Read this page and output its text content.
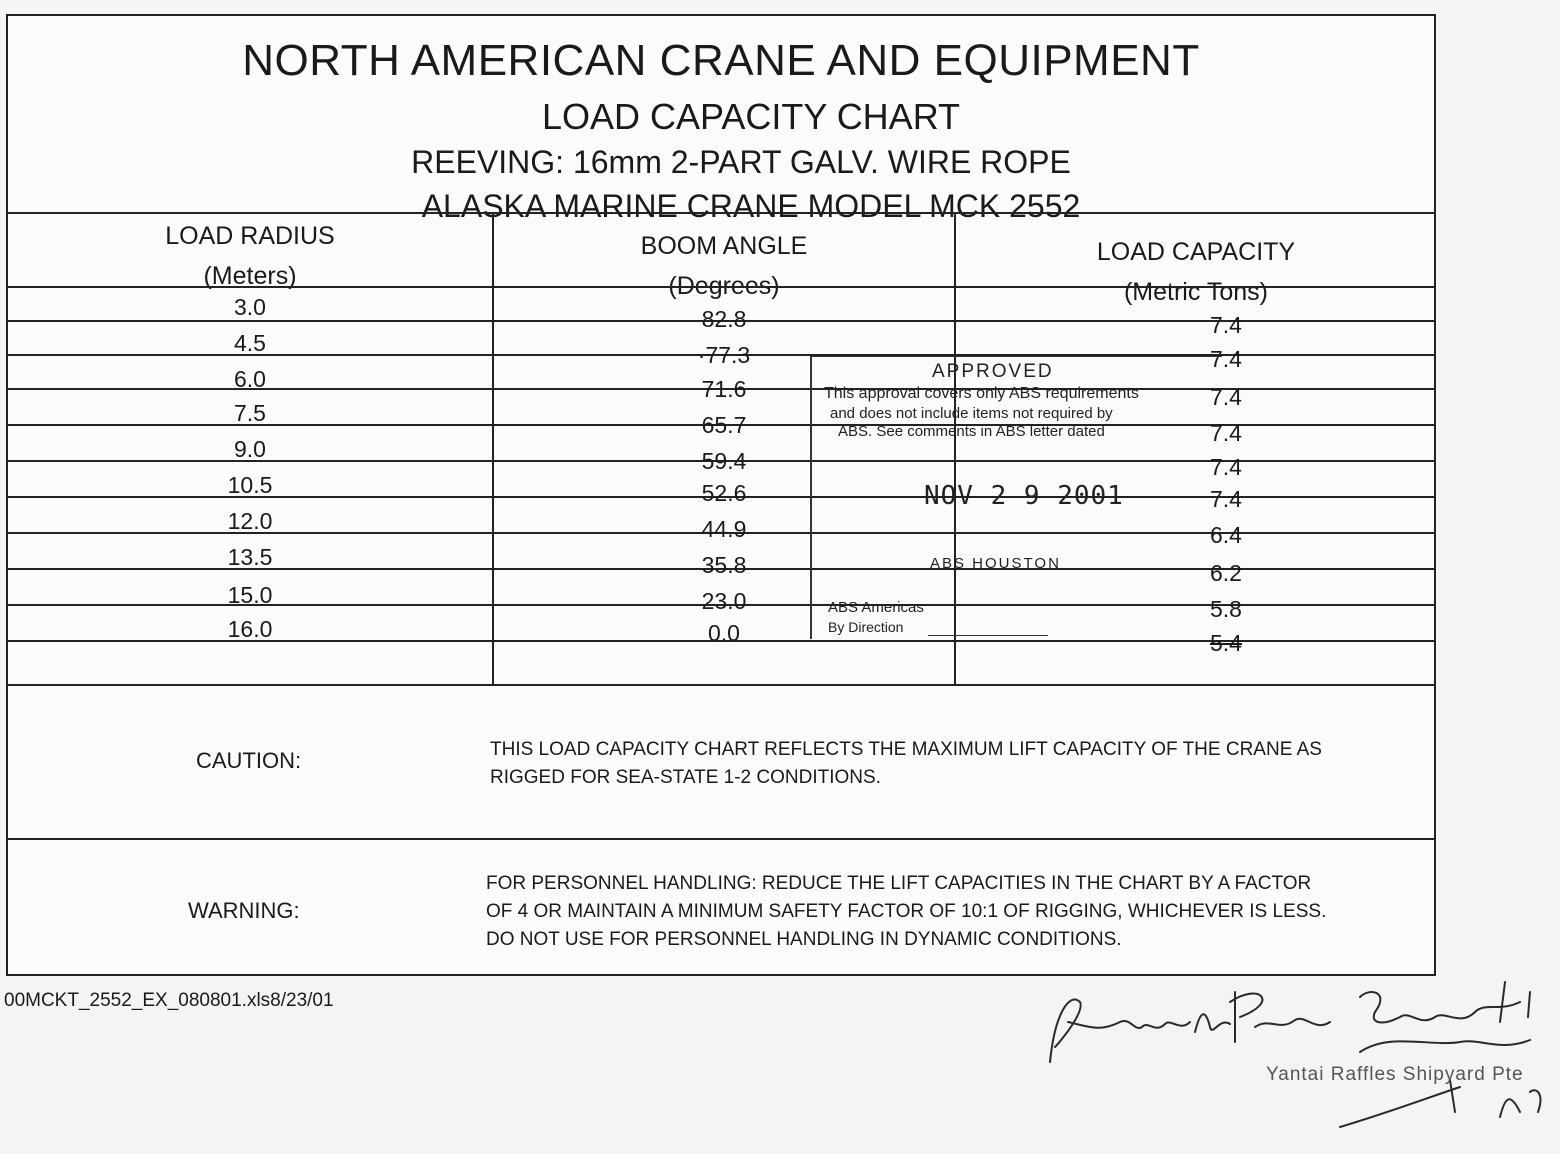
NORTH AMERICAN CRANE AND EQUIPMENT
LOAD CAPACITY CHART
REEVING: 16mm 2-PART GALV. WIRE ROPE
ALASKA MARINE CRANE MODEL MCK 2552
LOAD RADIUS
(Meters)
BOOM ANGLE
(Degrees)
LOAD CAPACITY
(Metric Tons)
3.0	82.8	7.4
4.5	·77.3	7.4
6.0	71.6	7.4
7.5	65.7	7.4
9.0	59.4	7.4
10.5	52.6	7.4
12.0	44.9	6.4
13.5	35.8	6.2
15.0	23.0	5.8
16.0	0.0	5.4
APPROVED
This approval covers only ABS requirements
and does not include items not required by
ABS. See comments in ABS letter dated
NOV 2 9 2001
ABS HOUSTON
ABS Americas
By Direction
CAUTION:	THIS LOAD CAPACITY CHART REFLECTS THE MAXIMUM LIFT CAPACITY OF THE CRANE AS
RIGGED FOR SEA-STATE 1-2 CONDITIONS.
WARNING:
FOR PERSONNEL HANDLING: REDUCE THE LIFT CAPACITIES IN THE CHART BY A FACTOR
OF 4 OR MAINTAIN A MINIMUM SAFETY FACTOR OF 10:1 OF RIGGING, WHICHEVER IS LESS.
DO NOT USE FOR PERSONNEL HANDLING IN DYNAMIC CONDITIONS.
00MCKT_2552_EX_080801.xls8/23/01
Yantai Raffles Shipyard Pte
